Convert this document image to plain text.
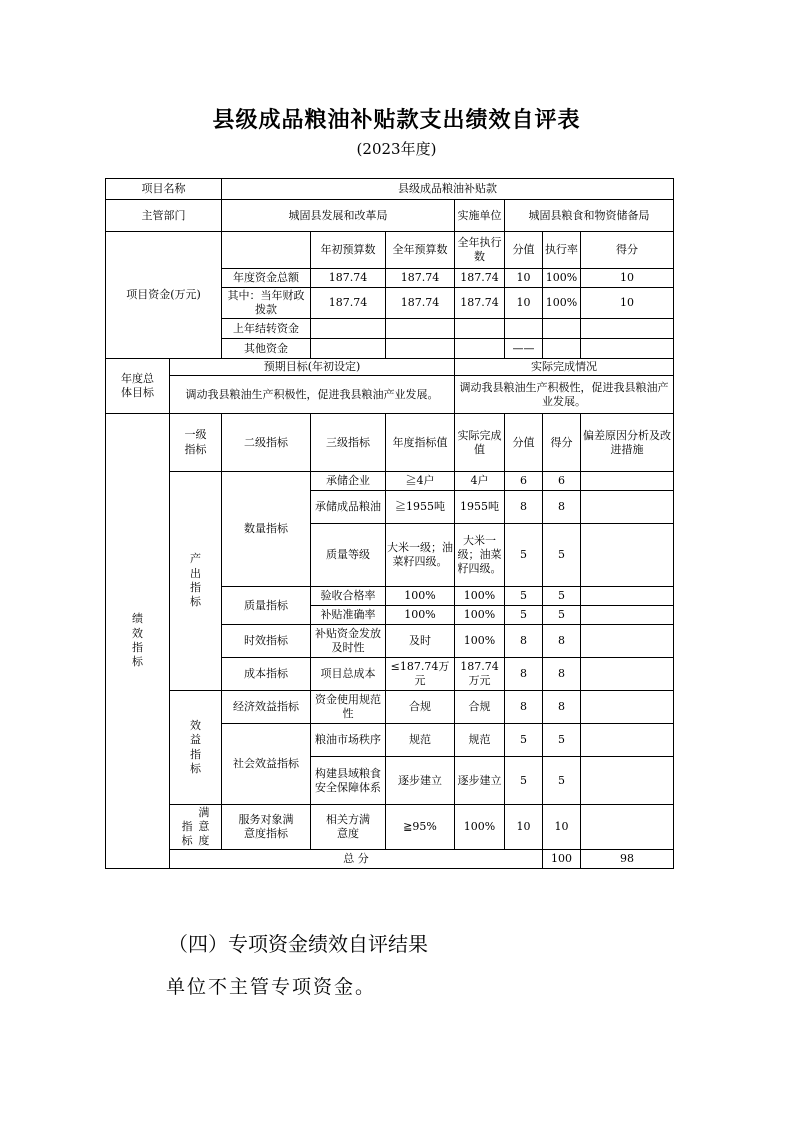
县级成品粮油补贴款支出绩效自评表
(2023年度)
项目名称		县级成品粮油补贴款							
主管部门		城固县发展和改革局			实施单位	城固县粮食和物资储备局			
项目资金(万元)			年初预算数	全年预算数	全年执行数	分值	执行率	得分	
		年度资金总额	187.74	187.74	187.74	10	100%	10	
		其中：当年财政拨款	187.74	187.74	187.74	10	100%	10	
		上年结转资金							
		其他资金				——			
年度总体目标	预期目标(年初设定)				实际完成情况				
	调动我县粮油生产积极性，促进我县粮油产业发展。				调动我县粮油生产积极性，促进我县粮油产业发展。				
绩效指标	一级指标	二级指标	三级指标	年度指标值	实际完成值	分值	得分	偏差原因分析及改进措施	
	产出指标	数量指标	承储企业	≧4户	4户	6	6		
			承储成品粮油	≧1955吨	1955吨	8	8		
			质量等级	大米一级；油菜籽四级。	大米一级；油菜籽四级。	5	5		
		质量指标	验收合格率	100%	100%	5	5		
			补贴准确率	100%	100%	5	5		
		时效指标	补贴资金发放及时性	及时	100%	8	8		
		成本指标	项目总成本	≤187.74万元	187.74万元	8	8		
	效益指标	经济效益指标	资金使用规范性	合规	合规	8	8		
		社会效益指标	粮油市场秩序	规范	规范	5	5		
			构建县域粮食安全保障体系	逐步建立	逐步建立	5	5		
	指标 满意度	服务对象满意度指标	相关方满意度	≧95%	100%	10	10		
	总 分						100	98	
（四）专项资金绩效自评结果
单位不主管专项资金。
